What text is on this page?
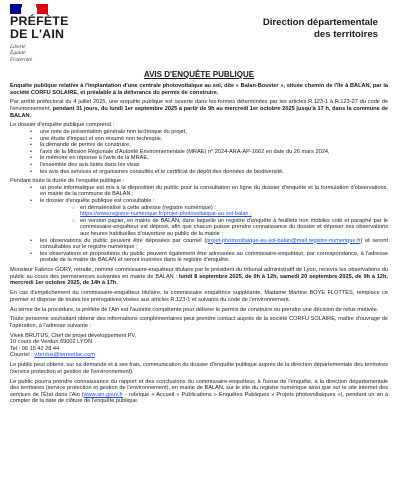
PRÉFÈTE
DE L'AIN
Liberté
Égalité
Fraternité
Direction départementale
des territoires
AVIS D'ENQUÊTE PUBLIQUE

Enquête publique relative à l'implantation d'une centrale photovoltaïque au sol, dite « Balan-Bouvier », située chemin de l'île à BALAN, par la société CORFU SOLAIRE, et préalable à la délivrance du permis de construire.

Par arrêté préfectoral du 4 juillet 2025, une enquête publique est ouverte dans les formes déterminées par les articles R.123-1 à R.123-27 du code de l'environnement, pendant 31 jours, du lundi 1er septembre 2025 à partir de 9h au mercredi 1er octobre 2025 jusqu'à 17 h, dans la commune de BALAN.

Le dossier d'enquête publique comprend :

• une note de présentation générale non technique du projet,
• une étude d'impact et son résumé non technique,
• la demande de permis de construire,
• l'avis de la Mission Régionale d'Autorité Environnementale (MRAE) n° 2024-ARA-AP-1662 en date du 26 mars 2024,
• le mémoire en réponse à l'avis de la MRAE,
• l'ensemble des avis listés dans les visas
• les avis des services et organismes consultés et le certificat de dépôt des données de biodiversité.

Pendant toute la durée de l'enquête publique :

• un poste informatique est mis à la disposition du public pour la consultation en ligne du dossier d'enquête et la formulation d'observations, en mairie de la commune de BALAN ;
• le dossier d'enquête publique est consultable :
○ en dématérialisé à cette adresse (registre numérique) :
https://www.registre-numerique.fr/projet-photovoltaique-au-sol-balan ;
○ en version papier, en mairie de BALAN, dans laquelle un registre d'enquête à feuillets non mobiles coté et paraphé par le commissaire-enquêteur est déposé, afin que chacun puisse prendre connaissance du dossier et déposer ses observations aux heures habituelles d'ouverture au public de la mairie ;
• les observations du public peuvent être déposées par courriel (projet-photovoltaique-au-sol-balan@mail.registre-numerique.fr) et seront consultables sur le registre numérique ;
• les observations et propositions du public peuvent également être adressées au commissaire-enquêteur, par correspondance, à l'adresse postale de la mairie de BALAN et seront insérées dans le registre d'enquête.

Monsieur Fabrice GORY, retraité, nommé commissaire-enquêteur titulaire par le président du tribunal administratif de Lyon, recevra les observations du public au cours des permanences suivantes en mairie de BALAN : lundi 8 septembre 2025, de 9h à 12h, samedi 20 septembre 2025, de 9h à 12h, mercredi 1er octobre 2025, de 14h à 17h.

En cas d'empêchement du commissaire-enquêteur titulaire, la commissaire enquêtrice suppléante, Madame Martine BOYE FLOTTES, remplace ce premier et dispose de toutes les prérogatives visées aux articles R.123-1 et suivants du code de l'environnement.

Au terme de la procédure, la préfète de l'Ain est l'autorité compétente pour délivrer le permis de construire ou prendre une décision de refus motivée.

Toute personne souhaitant obtenir des informations complémentaires peut prendre contact auprès de la société CORFU SOLAIRE, maître d'ouvrage de l'opération, à l'adresse suivante :

Vivek BRUTUS, Chef de projet développement PV,

10 cours de Verdun 69002 LYON

Tel : 06 15 42 28 44

Courriel : v.brutus@terreetlac.com

Le public peut obtenir, sur sa demande et à ses frais, communication du dossier d'enquête publique auprès de la direction départementale des territoires (service protection et gestion de l'environnement).

Le public pourra prendre connaissance du rapport et des conclusions du commissaire-enquêteur, à l'issue de l'enquête, à la direction départementale des territoires (service protection et gestion de l'environnement), en mairie de BALAN, sur le site du registre numérique ainsi que sur le site internet des services de l'État dans l'Ain (www.ain.gouv.fr - rubrique « Accueil » Publications » Enquêtes Publiques » Projets photovoltaïques »), pendant un an à compter de la date de clôture de l'enquête publique.
